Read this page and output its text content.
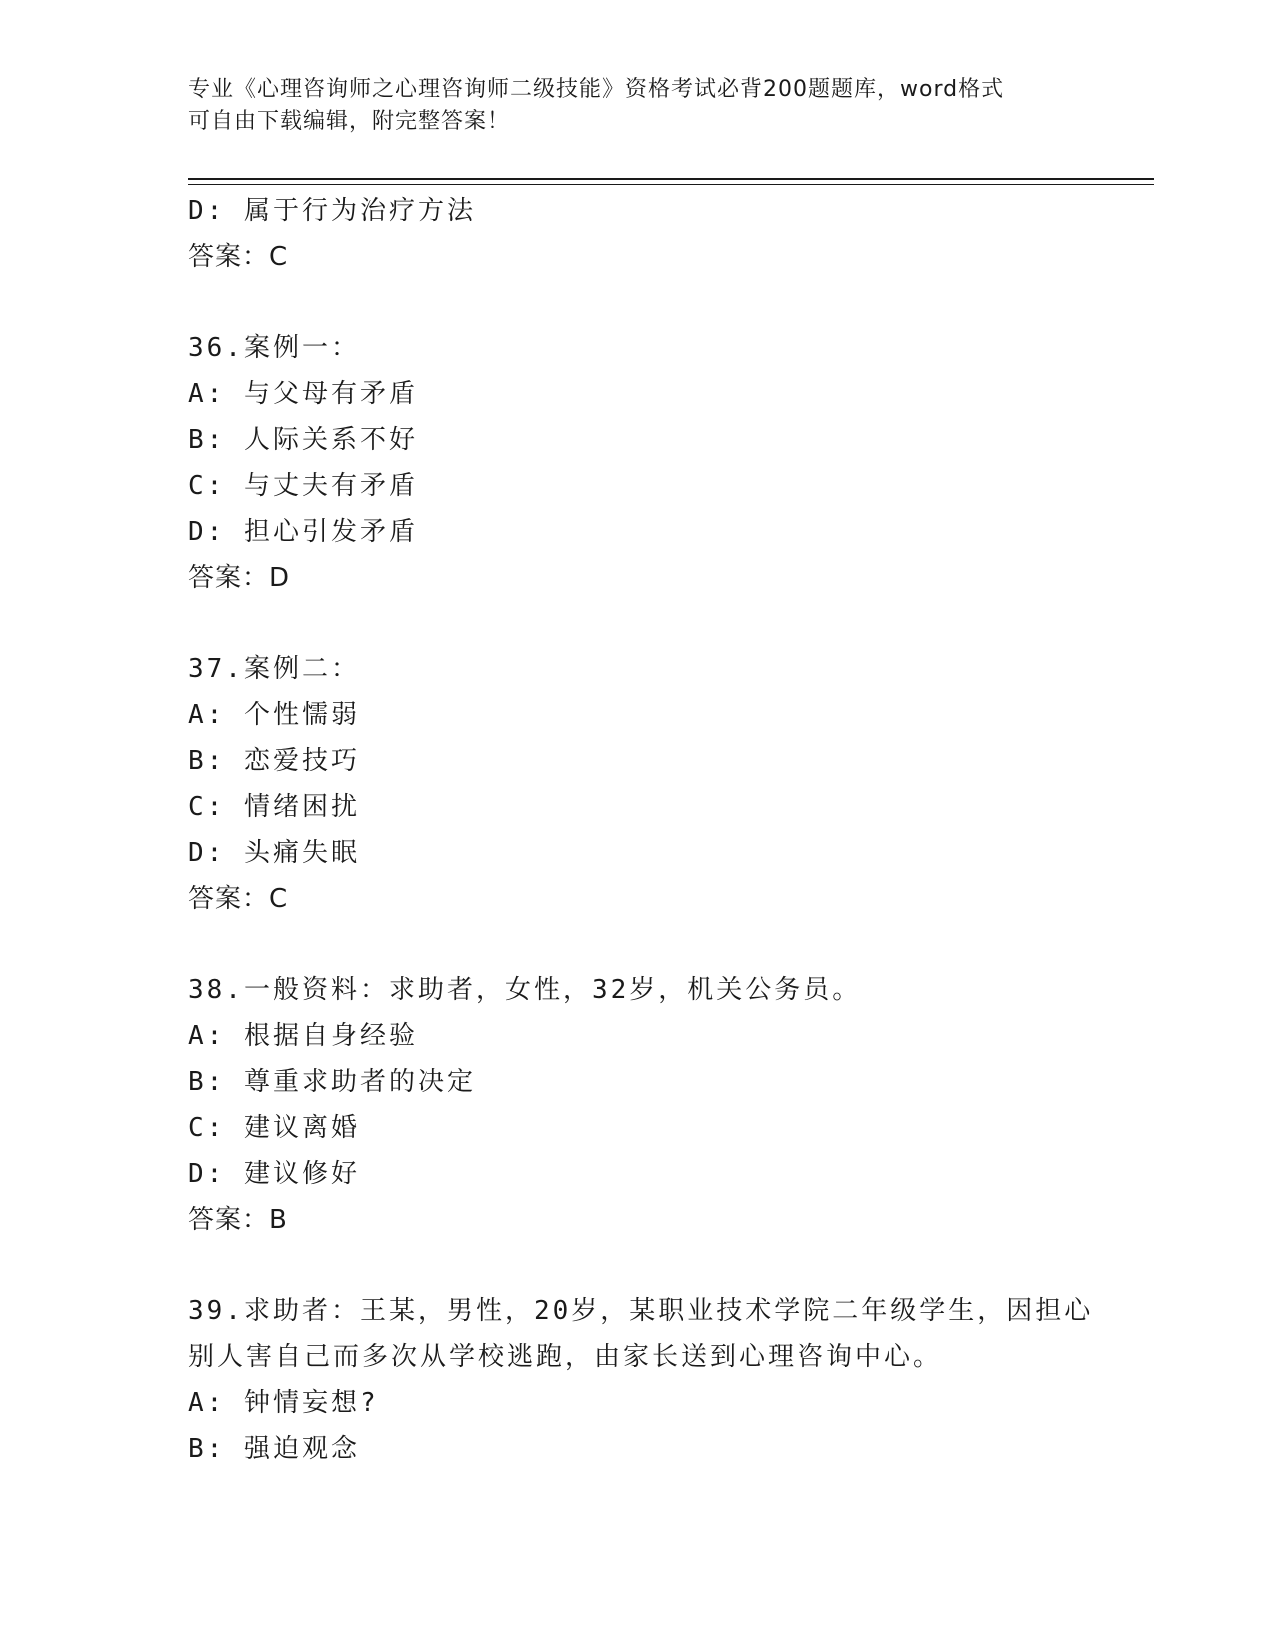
专业《心理咨询师之心理咨询师二级技能》资格考试必背200题题库，word格式
可自由下载编辑，附完整答案！
D: 属于行为治疗方法
答案：C
36.案例一：
A: 与父母有矛盾
B: 人际关系不好
C: 与丈夫有矛盾
D: 担心引发矛盾
答案：D
37.案例二：
A: 个性懦弱
B: 恋爱技巧
C: 情绪困扰
D: 头痛失眠
答案：C
38.一般资料：求助者，女性，32岁，机关公务员。
A: 根据自身经验
B: 尊重求助者的决定
C: 建议离婚
D: 建议修好
答案：B
39.求助者：王某，男性，20岁，某职业技术学院二年级学生，因担心
别人害自己而多次从学校逃跑，由家长送到心理咨询中心。
A: 钟情妄想?
B: 强迫观念
